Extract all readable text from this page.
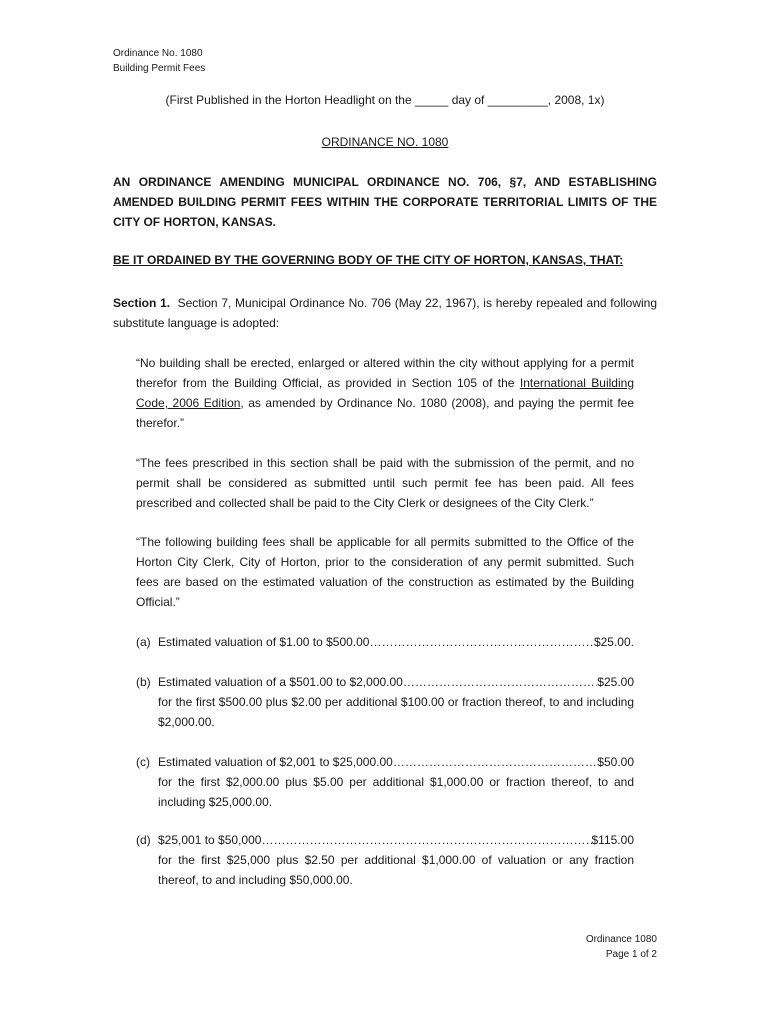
Ordinance No. 1080
Building Permit Fees
(First Published in the Horton Headlight on the _____ day of _________, 2008, 1x)
ORDINANCE NO. 1080
AN ORDINANCE AMENDING MUNICIPAL ORDINANCE NO. 706, §7, AND ESTABLISHING AMENDED BUILDING PERMIT FEES WITHIN THE CORPORATE TERRITORIAL LIMITS OF THE CITY OF HORTON, KANSAS.
BE IT ORDAINED BY THE GOVERNING BODY OF THE CITY OF HORTON, KANSAS, THAT:
Section 1. Section 7, Municipal Ordinance No. 706 (May 22, 1967), is hereby repealed and following substitute language is adopted:
“No building shall be erected, enlarged or altered within the city without applying for a permit therefor from the Building Official, as provided in Section 105 of the International Building Code, 2006 Edition, as amended by Ordinance No. 1080 (2008), and paying the permit fee therefor.”
“The fees prescribed in this section shall be paid with the submission of the permit, and no permit shall be considered as submitted until such permit fee has been paid. All fees prescribed and collected shall be paid to the City Clerk or designees of the City Clerk.”
“The following building fees shall be applicable for all permits submitted to the Office of the Horton City Clerk, City of Horton, prior to the consideration of any permit submitted. Such fees are based on the estimated valuation of the construction as estimated by the Building Official.”
(a) Estimated valuation of $1.00 to $500.00 ……………………………………………………………………………………………………………………	$25.00.
(b) Estimated valuation of a $501.00 to $2,000.00 ……………………………………………………………………………………………………………………	$25.00
for the first $500.00 plus $2.00 per additional $100.00 or fraction thereof, to and including $2,000.00.
(c) Estimated valuation of $2,001 to $25,000.00 ……………………………………………………………………………………………………………………	$50.00
for the first $2,000.00 plus $5.00 per additional $1,000.00 or fraction thereof, to and including $25,000.00.
(d) $25,001 to $50,000 ……………………………………………………………………………………………………………………	$115.00
for the first $25,000 plus $2.50 per additional $1,000.00 of valuation or any fraction thereof, to and including $50,000.00.
Ordinance 1080
Page 1 of 2
